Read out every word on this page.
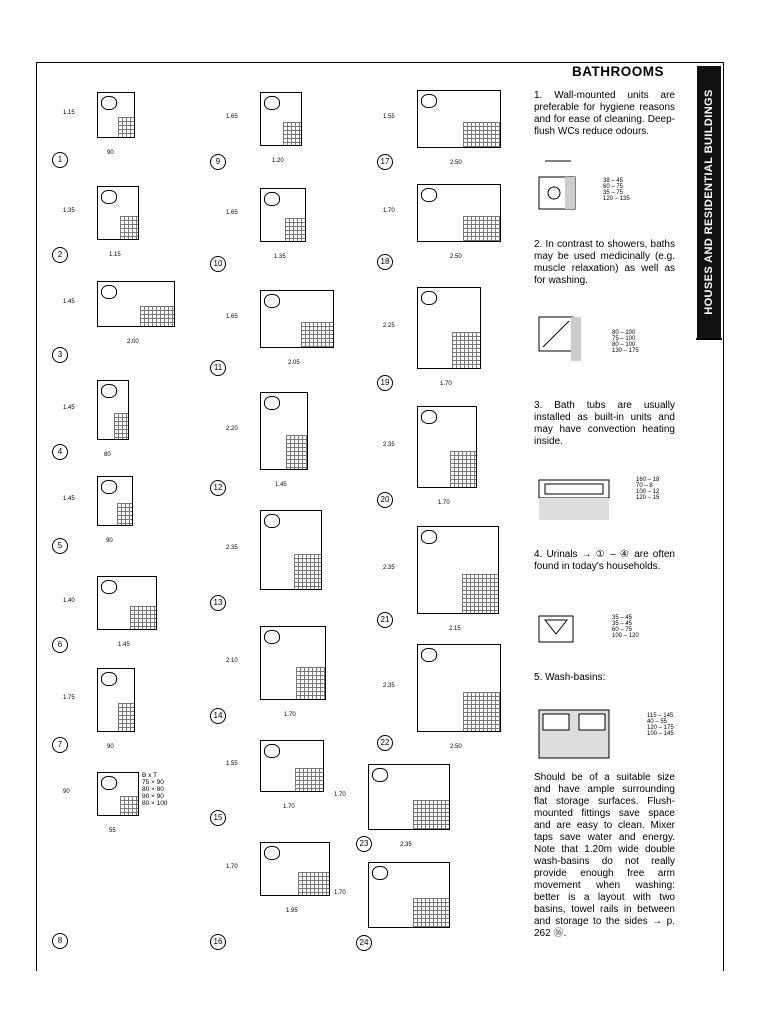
BATHROOMS
HOUSES AND RESIDENTIAL BUILDINGS
1. Wall-mounted units are preferable for hygiene reasons and for ease of cleaning. Deep-flush WCs reduce odours.
2. In contrast to showers, baths may be used medicinally (e.g. muscle relaxation) as well as for washing.
3. Bath tubs are usually installed as built-in units and may have convection heating inside.
4. Urinals → ① – ④ are often found in today's households.
5. Wash-basins:
Should be of a suitable size and have ample surrounding flat storage surfaces. Flush-mounted fittings save space and are easy to clean. Mixer taps save water and energy. Note that 1.20m wide double wash-basins do not really provide enough free arm movement when washing: better is a layout with two basins, towel rails in between and storage to the sides → p. 262 ⑯.
38 – 45
60 – 75
35 – 75
120 – 135
80 – 100
75 – 100
80 – 100
130 – 175
160 – 18
70 – 8
100 – 12
120 – 15
35 – 45
35 – 45
60 – 75
100 – 120
115 – 145
40 – 55
120 – 175
100 – 145
90
1.15
1
1.15
1.35
2
2.00
1.45
3
80
1.45
4
90
1.45
5
1.45
1.40
6
90
1.75
7
55
90
8
1.20
1.65
9
1.35
1.65
10
2.05
1.65
11
1.45
2.20
12
2.35
13
1.70
2.10
14
1.70
1.55
15
1.95
1.70
16
2.50
1.55
17
2.50
1.70
18
1.70
2.25
19
1.70
2.35
20
2.15
2.35
21
2.50
2.35
22
2.35
1.70
23
1.70
24
B x T
75 × 90
80 × 80
90 × 90
80 × 100
